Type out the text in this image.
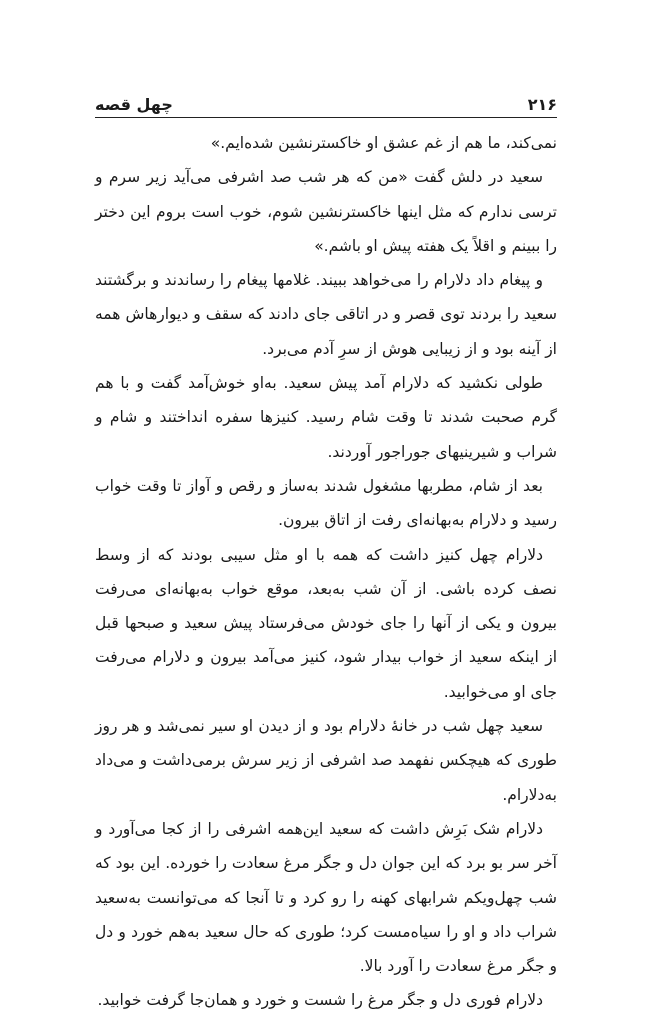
۲۱۶
چهل قصه

نمی‌کند، ما هم از غم عشق او خاکسترنشین شده‌ایم.»

سعید در دلش گفت «من که هر شب صد اشرفی می‌آید زیر سرم و ترسی ندارم که مثل اینها خاکسترنشین شوم، خوب است بروم این دختر را ببینم و اقلاً یک هفته پیش او باشم.»

و پیغام داد دلارام را می‌خواهد ببیند. غلامها پیغام را رساندند و برگشتند سعید را بردند توی قصر و در اتاقی جای دادند که سقف و دیوارهاش همه از آینه بود و از زیبایی هوش از سرِ آدم می‌برد.

طولی نکشید که دلارام آمد پیش سعید. به‌او خوش‌آمد گفت و با هم گرم صحبت شدند تا وقت شام رسید. کنیزها سفره انداختند و شام و شراب و شیرینیهای جوراجور آوردند.

بعد از شام، مطربها مشغول شدند به‌ساز و رقص و آواز تا وقت خواب رسید و دلارام به‌بهانه‌ای رفت از اتاق بیرون.

دلارام چهل کنیز داشت که همه با او مثل سیبی بودند که از وسط نصف کرده باشی. از آن شب به‌بعد، موقع خواب به‌بهانه‌ای می‌رفت بیرون و یکی از آنها را جای خودش می‌فرستاد پیش سعید و صبحها قبل از اینکه سعید از خواب بیدار شود، کنیز می‌آمد بیرون و دلارام می‌رفت جای او می‌خوابید.

سعید چهل شب در خانهٔ دلارام بود و از دیدن او سیر نمی‌شد و هر روز طوری که هیچکس نفهمد صد اشرفی از زیر سرش برمی‌داشت و می‌داد به‌دلارام.

دلارام شک بَرِش داشت که سعید این‌همه اشرفی را از کجا می‌آورد و آخر سر بو برد که این جوان دل و جگر مرغ سعادت را خورده. این بود که شب چهل‌ویکم شرابهای کهنه را رو کرد و تا آنجا که می‌توانست به‌سعید شراب داد و او را سیاه‌مست کرد؛ طوری که حال سعید به‌هم خورد و دل و جگر مرغ سعادت را آورد بالا.

دلارام فوری دل و جگر مرغ را شست و خورد و همان‌جا گرفت خوابید.
